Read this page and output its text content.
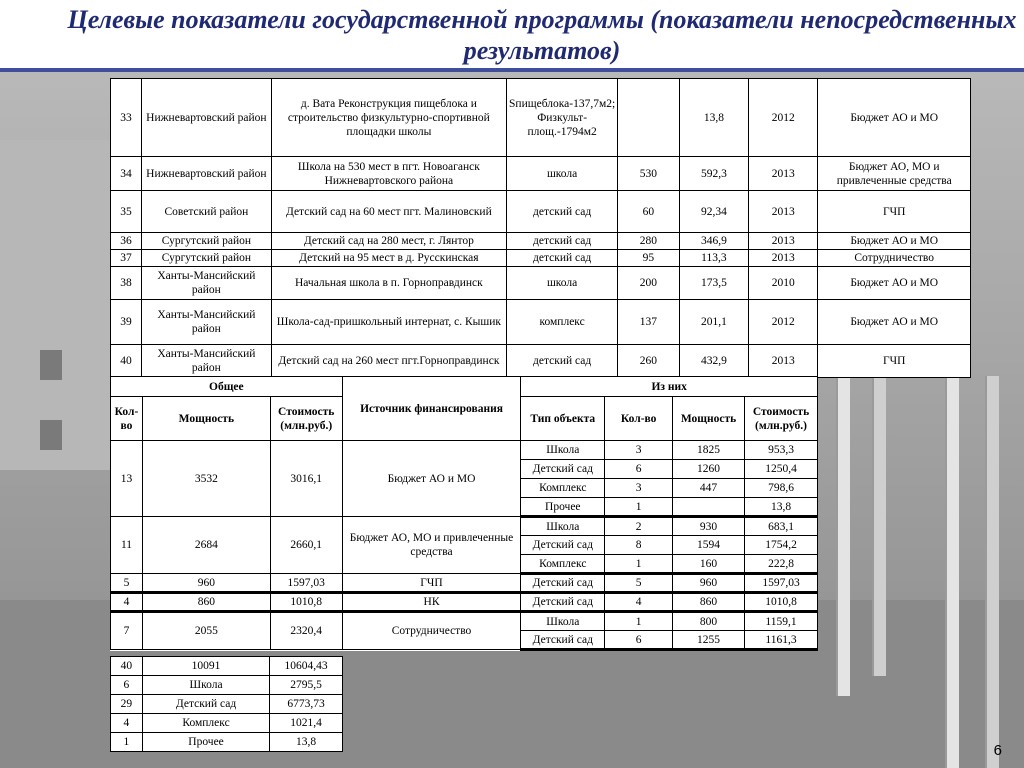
Целевые показатели государственной программы (показатели непосредственных результатов)
33	Нижневартовский район	д. Вата Реконструкция пищеблока и строительство физкультурно-спортивной площадки школы	Sпищеблока-137,7м2; Физкульт-площ.-1794м2		13,8	2012	Бюджет АО и МО
34	Нижневартовский район	Школа на 530 мест в пгт. Новоаганск Нижневартовского района	школа	530	592,3	2013	Бюджет АО, МО и привлеченные средства
35	Советский район	Детский сад на 60 мест пгт. Малиновский	детский сад	60	92,34	2013	ГЧП
36	Сургутский район	Детский сад на 280 мест, г. Лянтор	детский сад	280	346,9	2013	Бюджет АО и МО
37	Сургутский район	Детский на 95 мест в д. Русскинская	детский сад	95	113,3	2013	Сотрудничество
38	Ханты-Мансийский район	Начальная школа в п. Горноправдинск	школа	200	173,5	2010	Бюджет АО и МО
39	Ханты-Мансийский район	Школа-сад-пришкольный интернат, с. Кышик	комплекс	137	201,1	2012	Бюджет АО и МО
40	Ханты-Мансийский район	Детский сад на 260 мест пгт.Горноправдинск	детский сад	260	432,9	2013	ГЧП
Общее			Источник финансирования	Из них			
Кол-во	Мощность	Стоимость (млн.руб.)		Тип объекта	Кол-во	Мощность	Стоимость (млн.руб.)
13	3532	3016,1	Бюджет АО и МО	Школа	3	1825	953,3
				Детский сад	6	1260	1250,4
				Комплекс	3	447	798,6
				Прочее	1		13,8
11	2684	2660,1	Бюджет АО, МО и привлеченные средства	Школа	2	930	683,1
				Детский сад	8	1594	1754,2
				Комплекс	1	160	222,8
5	960	1597,03	ГЧП	Детский сад	5	960	1597,03
4	860	1010,8	НК	Детский сад	4	860	1010,8
7	2055	2320,4	Сотрудничество	Школа	1	800	1159,1
				Детский сад	6	1255	1161,3
40	10091	10604,43
6	Школа	2795,5
29	Детский сад	6773,73
4	Комплекс	1021,4
1	Прочее	13,8	6
